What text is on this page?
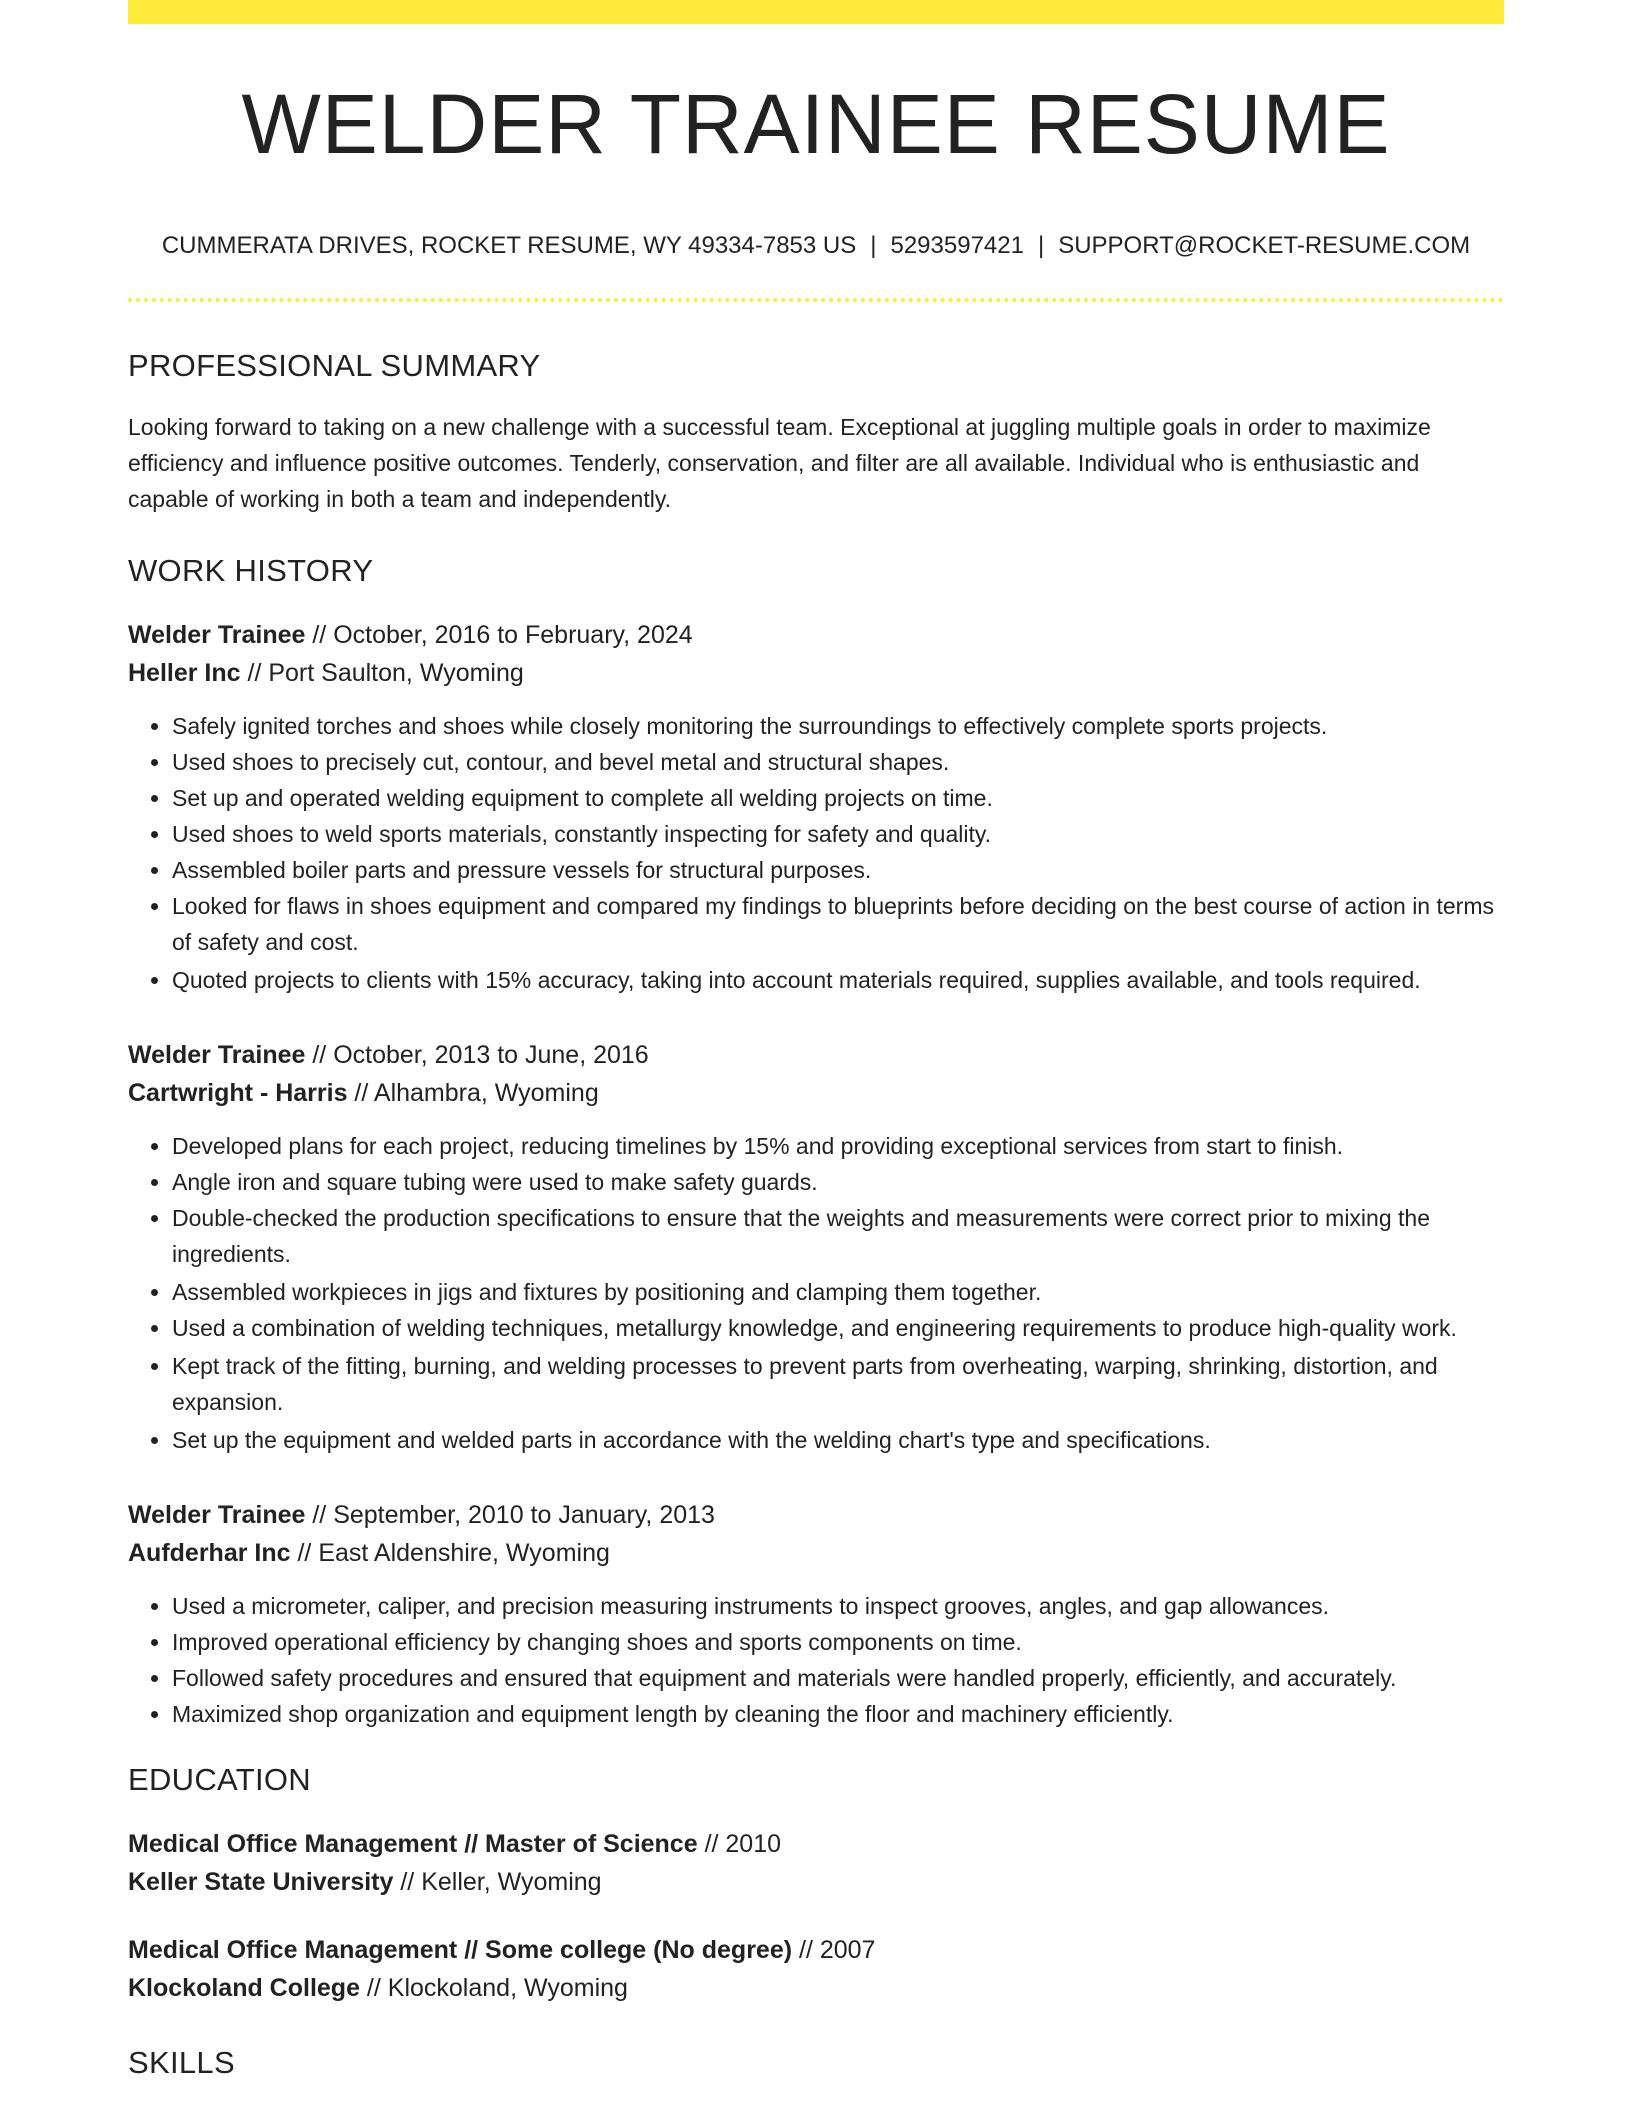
WELDER TRAINEE RESUME
CUMMERATA DRIVES, ROCKET RESUME, WY 49334-7853 US | 5293597421 | SUPPORT@ROCKET-RESUME.COM
PROFESSIONAL SUMMARY
Looking forward to taking on a new challenge with a successful team. Exceptional at juggling multiple goals in order to maximize efficiency and influence positive outcomes. Tenderly, conservation, and filter are all available. Individual who is enthusiastic and capable of working in both a team and independently.
WORK HISTORY
Welder Trainee // October, 2016 to February, 2024
Heller Inc // Port Saulton, Wyoming
• Safely ignited torches and shoes while closely monitoring the surroundings to effectively complete sports projects.
• Used shoes to precisely cut, contour, and bevel metal and structural shapes.
• Set up and operated welding equipment to complete all welding projects on time.
• Used shoes to weld sports materials, constantly inspecting for safety and quality.
• Assembled boiler parts and pressure vessels for structural purposes.
• Looked for flaws in shoes equipment and compared my findings to blueprints before deciding on the best course of action in terms of safety and cost.
• Quoted projects to clients with 15% accuracy, taking into account materials required, supplies available, and tools required.
Welder Trainee // October, 2013 to June, 2016
Cartwright - Harris // Alhambra, Wyoming
• Developed plans for each project, reducing timelines by 15% and providing exceptional services from start to finish.
• Angle iron and square tubing were used to make safety guards.
• Double-checked the production specifications to ensure that the weights and measurements were correct prior to mixing the ingredients.
• Assembled workpieces in jigs and fixtures by positioning and clamping them together.
• Used a combination of welding techniques, metallurgy knowledge, and engineering requirements to produce high-quality work.
• Kept track of the fitting, burning, and welding processes to prevent parts from overheating, warping, shrinking, distortion, and expansion.
• Set up the equipment and welded parts in accordance with the welding chart's type and specifications.
Welder Trainee // September, 2010 to January, 2013
Aufderhar Inc // East Aldenshire, Wyoming
• Used a micrometer, caliper, and precision measuring instruments to inspect grooves, angles, and gap allowances.
• Improved operational efficiency by changing shoes and sports components on time.
• Followed safety procedures and ensured that equipment and materials were handled properly, efficiently, and accurately.
• Maximized shop organization and equipment length by cleaning the floor and machinery efficiently.
EDUCATION
Medical Office Management // Master of Science // 2010
Keller State University // Keller, Wyoming
Medical Office Management // Some college (No degree) // 2007
Klockoland College // Klockoland, Wyoming
SKILLS
